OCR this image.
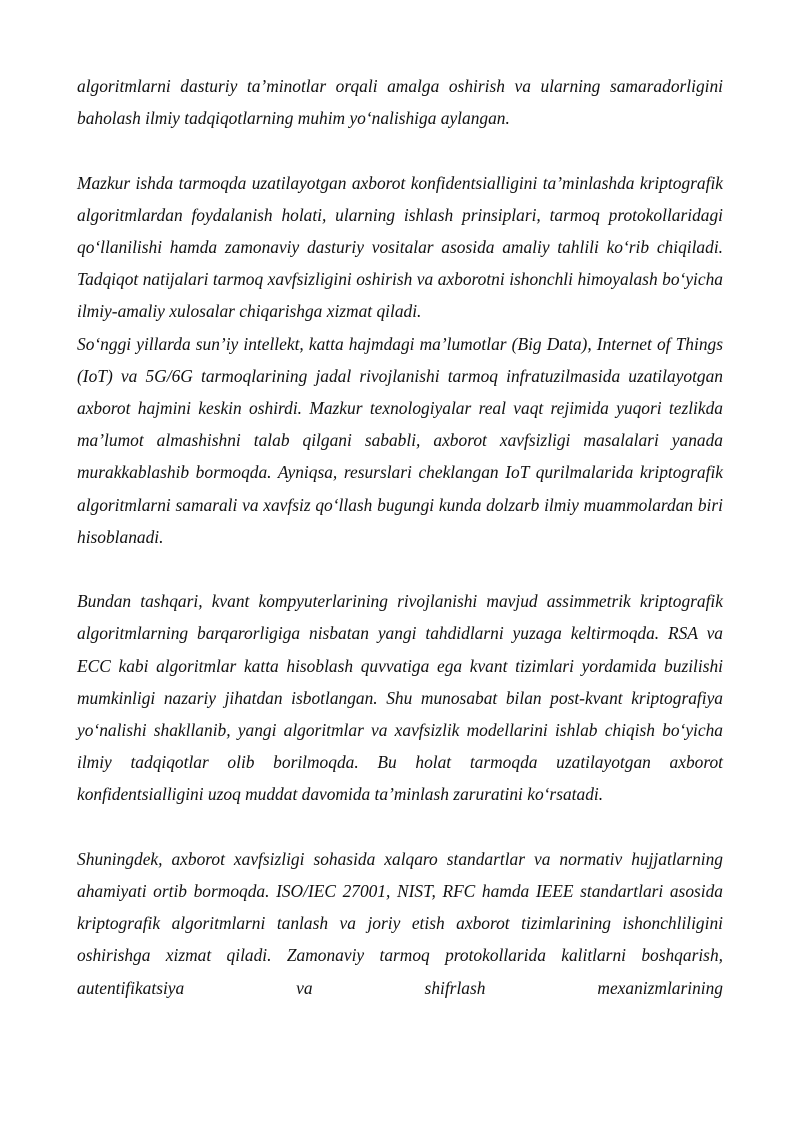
algoritmlarni dasturiy ta’minotlar orqali amalga oshirish va ularning samaradorligini baholash ilmiy tadqiqotlarning muhim yo‘nalishiga aylangan.

Mazkur ishda tarmoqda uzatilayotgan axborot konfidentsialligini ta’minlashda kriptografik algoritmlardan foydalanish holati, ularning ishlash prinsiplari, tarmoq protokollaridagi qo‘llanilishi hamda zamonaviy dasturiy vositalar asosida amaliy tahlili ko‘rib chiqiladi. Tadqiqot natijalari tarmoq xavfsizligini oshirish va axborotni ishonchli himoyalash bo‘yicha ilmiy-amaliy xulosalar chiqarishga xizmat qiladi.

So‘nggi yillarda sun’iy intellekt, katta hajmdagi ma’lumotlar (Big Data), Internet of Things (IoT) va 5G/6G tarmoqlarining jadal rivojlanishi tarmoq infratuzilmasida uzatilayotgan axborot hajmini keskin oshirdi. Mazkur texnologiyalar real vaqt rejimida yuqori tezlikda ma’lumot almashishni talab qilgani sababli, axborot xavfsizligi masalalari yanada murakkablashib bormoqda. Ayniqsa, resurslari cheklangan IoT qurilmalarida kriptografik algoritmlarni samarali va xavfsiz qo‘llash bugungi kunda dolzarb ilmiy muammolardan biri hisoblanadi.

Bundan tashqari, kvant kompyuterlarining rivojlanishi mavjud assimmetrik kriptografik algoritmlarning barqarorligiga nisbatan yangi tahdidlarni yuzaga keltirmoqda. RSA va ECC kabi algoritmlar katta hisoblash quvvatiga ega kvant tizimlari yordamida buzilishi mumkinligi nazariy jihatdan isbotlangan. Shu munosabat bilan post-kvant kriptografiya yo‘nalishi shakllanib, yangi algoritmlar va xavfsizlik modellarini ishlab chiqish bo‘yicha ilmiy tadqiqotlar olib borilmoqda. Bu holat tarmoqda uzatilayotgan axborot konfidentsialligini uzoq muddat davomida ta’minlash zaruratini ko‘rsatadi.

Shuningdek, axborot xavfsizligi sohasida xalqaro standartlar va normativ hujjatlarning ahamiyati ortib bormoqda. ISO/IEC 27001, NIST, RFC hamda IEEE standartlari asosida kriptografik algoritmlarni tanlash va joriy etish axborot tizimlarining ishonchliligini oshirishga xizmat qiladi. Zamonaviy tarmoq protokollarida kalitlarni boshqarish, autentifikatsiya va shifrlash mexanizmlarining
